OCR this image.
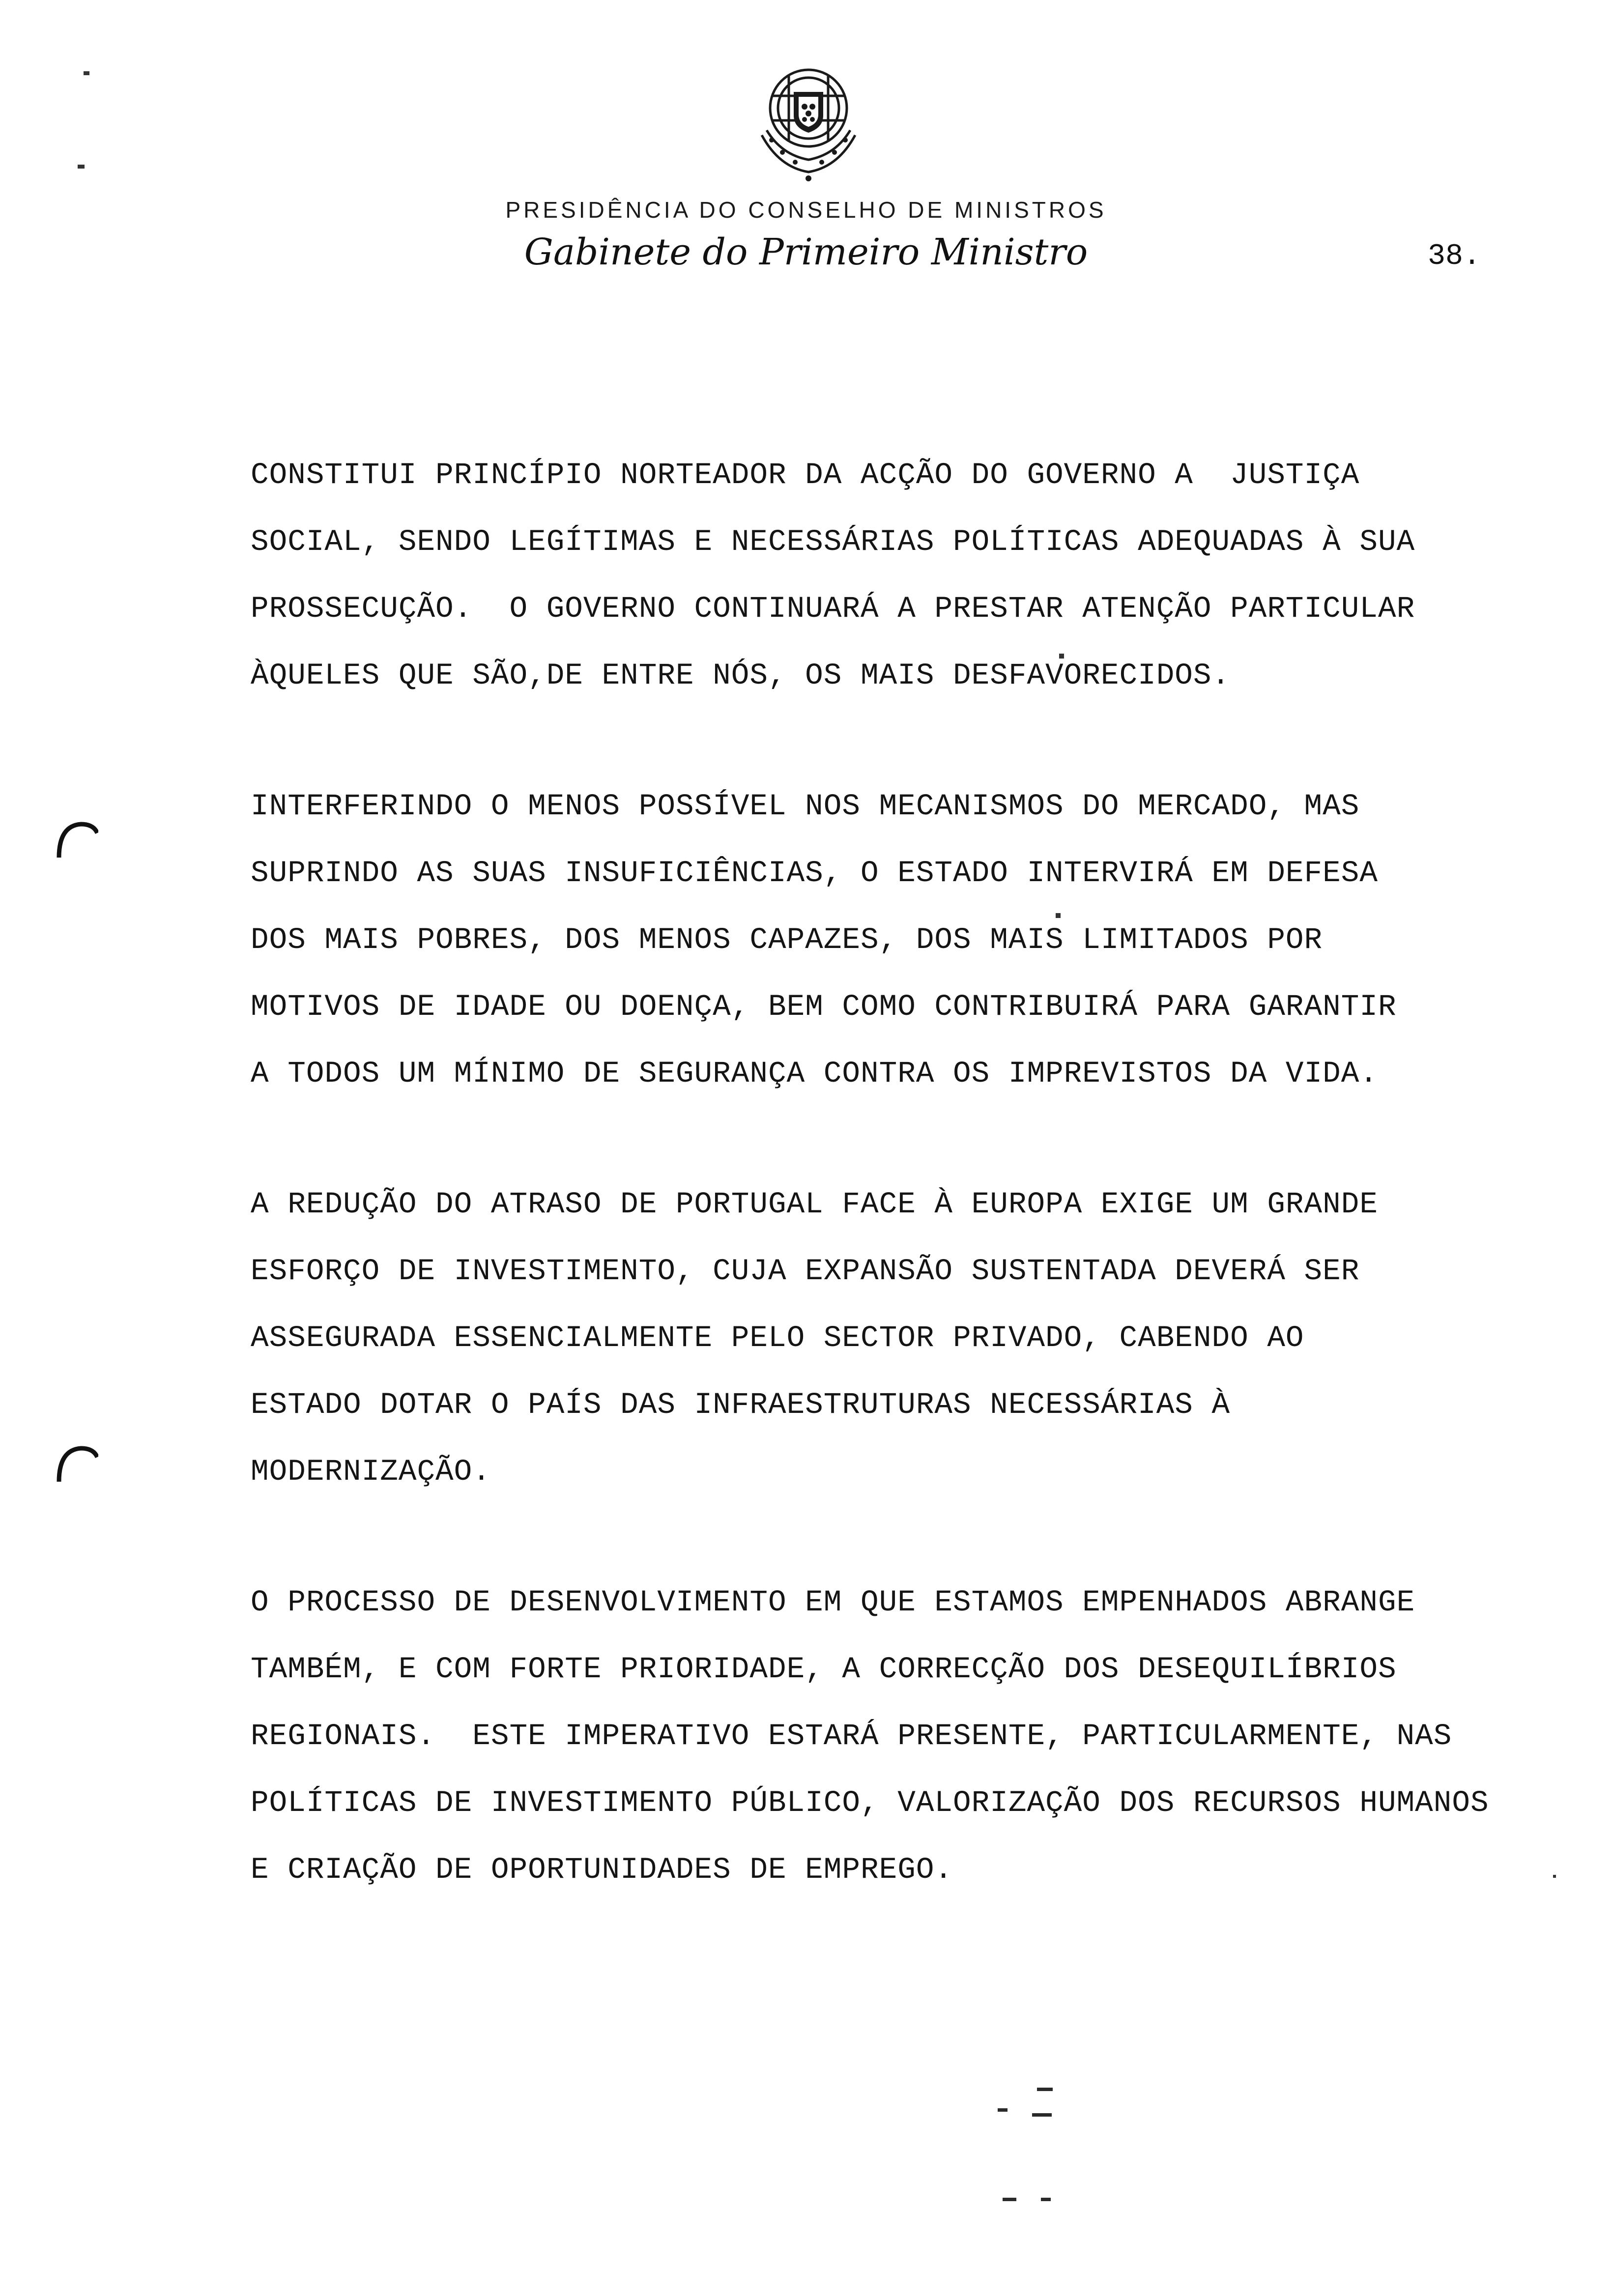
PRESIDÊNCIA DO CONSELHO DE MINISTROS
Gabinete do Primeiro Ministro	38.
CONSTITUI PRINCÍPIO NORTEADOR DA ACÇÃO DO GOVERNO A  JUSTIÇA
SOCIAL, SENDO LEGÍTIMAS E NECESSÁRIAS POLÍTICAS ADEQUADAS À SUA
PROSSECUÇÃO.  O GOVERNO CONTINUARÁ A PRESTAR ATENÇÃO PARTICULAR
ÀQUELES QUE SÃO,DE ENTRE NÓS, OS MAIS DESFAVORECIDOS.
INTERFERINDO O MENOS POSSÍVEL NOS MECANISMOS DO MERCADO, MAS
SUPRINDO AS SUAS INSUFICIÊNCIAS, O ESTADO INTERVIRÁ EM DEFESA
DOS MAIS POBRES, DOS MENOS CAPAZES, DOS MAIS LIMITADOS POR
MOTIVOS DE IDADE OU DOENÇA, BEM COMO CONTRIBUIRÁ PARA GARANTIR
A TODOS UM MÍNIMO DE SEGURANÇA CONTRA OS IMPREVISTOS DA VIDA.
A REDUÇÃO DO ATRASO DE PORTUGAL FACE À EUROPA EXIGE UM GRANDE
ESFORÇO DE INVESTIMENTO, CUJA EXPANSÃO SUSTENTADA DEVERÁ SER
ASSEGURADA ESSENCIALMENTE PELO SECTOR PRIVADO, CABENDO AO
ESTADO DOTAR O PAÍS DAS INFRAESTRUTURAS NECESSÁRIAS À
MODERNIZAÇÃO.
O PROCESSO DE DESENVOLVIMENTO EM QUE ESTAMOS EMPENHADOS ABRANGE
TAMBÉM, E COM FORTE PRIORIDADE, A CORRECÇÃO DOS DESEQUILÍBRIOS
REGIONAIS.  ESTE IMPERATIVO ESTARÁ PRESENTE, PARTICULARMENTE, NAS
POLÍTICAS DE INVESTIMENTO PÚBLICO, VALORIZAÇÃO DOS RECURSOS HUMANOS
E CRIAÇÃO DE OPORTUNIDADES DE EMPREGO.
